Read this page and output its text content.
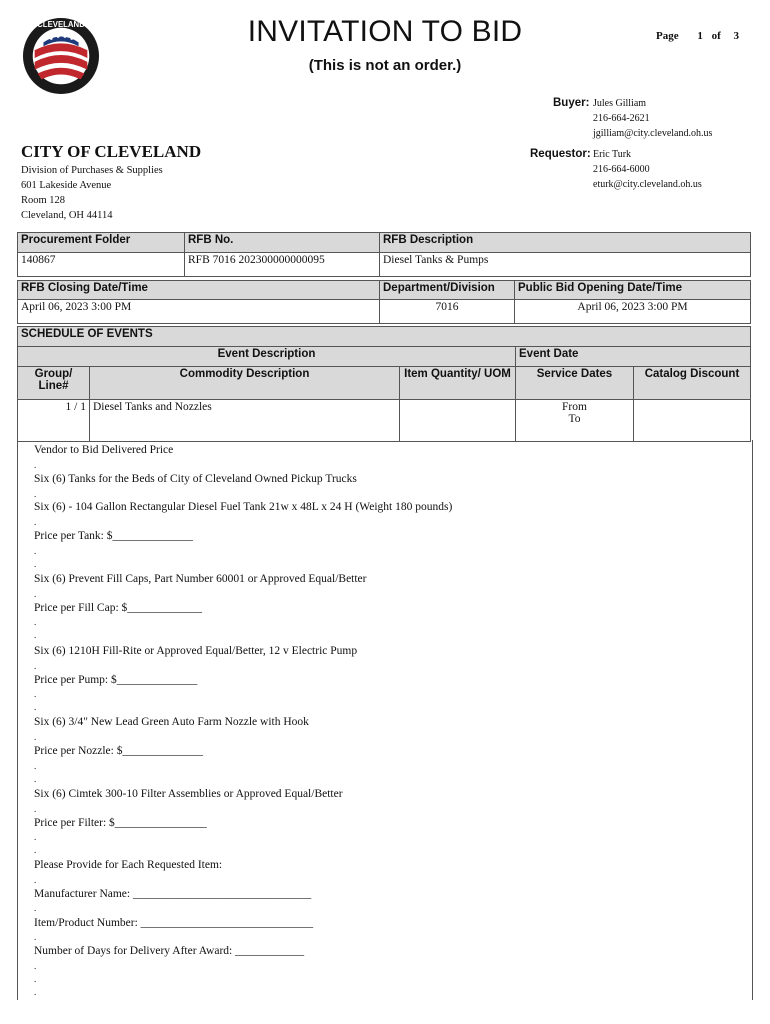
CLEVELAND	INVITATION TO BID
(This is not an order.)
Page 1 of 3
Buyer: Jules Gilliam
216-664-2621
jgilliam@city.cleveland.oh.us
Requestor: Eric Turk
216-664-6000
eturk@city.cleveland.oh.us
CITY OF CLEVELAND
Division of Purchases & Supplies
601 Lakeside Avenue
Room 128
Cleveland, OH 44114
Procurement Folder	RFB No.	RFB Description
140867	RFB 7016 202300000000095	Diesel Tanks & Pumps
RFB Closing Date/Time	Department/Division	Public Bid Opening Date/Time
April 06, 2023 3:00 PM	7016	April 06, 2023 3:00 PM
SCHEDULE OF EVENTS				
Event Description			Event Date	
Group/ Line#	Commodity Description	Item Quantity/ UOM	Service Dates	Catalog Discount
1 / 1	Diesel Tanks and Nozzles		From
To	

Vendor to Bid Delivered Price
.
Six (6) Tanks for the Beds of City of Cleveland Owned Pickup Trucks
.
Six (6) - 104 Gallon Rectangular Diesel Fuel Tank 21w x 48L x 24 H (Weight 180 pounds)
.
Price per Tank: $______________
.
.
Six (6) Prevent Fill Caps, Part Number 60001 or Approved Equal/Better
.
Price per Fill Cap: $_____________
.
.
Six (6) 1210H Fill-Rite or Approved Equal/Better, 12 v Electric Pump
.
Price per Pump: $______________
.
.
Six (6) 3/4" New Lead Green Auto Farm Nozzle with Hook
.
Price per Nozzle: $______________
.
.
Six (6) Cimtek 300-10 Filter Assemblies or Approved Equal/Better
.
Price per Filter: $________________
.
.
Please Provide for Each Requested Item:
.
Manufacturer Name: _______________________________
.
Item/Product Number: ______________________________
.
Number of Days for Delivery After Award: ____________
.
.
.
